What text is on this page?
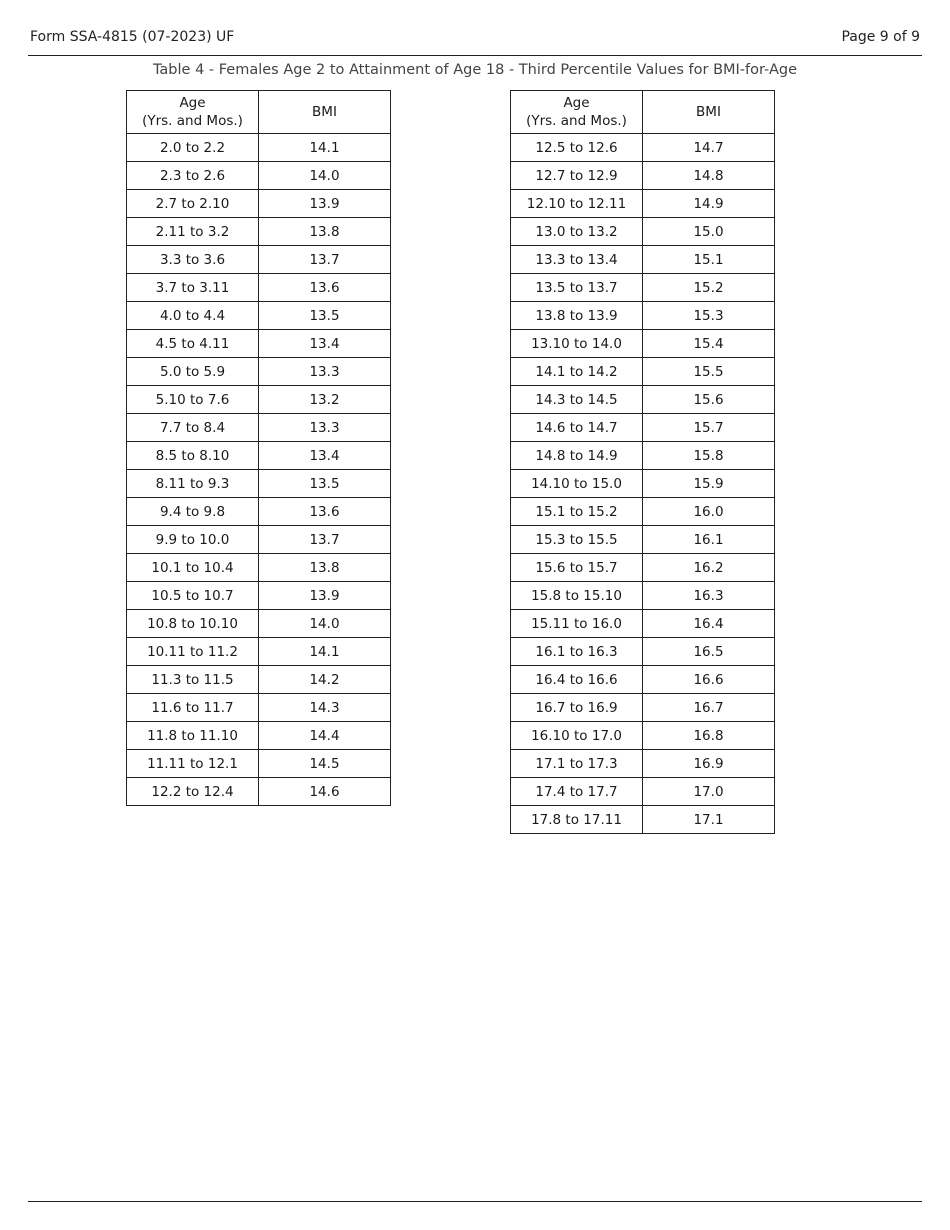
Form SSA-4815 (07-2023) UF	Page 9 of 9
Table 4 - Females Age 2 to Attainment of Age 18 - Third Percentile Values for BMI-for-Age
Age
(Yrs. and Mos.)	BMI
2.0 to 2.2	14.1
2.3 to 2.6	14.0
2.7 to 2.10	13.9
2.11 to 3.2	13.8
3.3 to 3.6	13.7
3.7 to 3.11	13.6
4.0 to 4.4	13.5
4.5 to 4.11	13.4
5.0 to 5.9	13.3
5.10 to 7.6	13.2
7.7 to 8.4	13.3
8.5 to 8.10	13.4
8.11 to 9.3	13.5
9.4 to 9.8	13.6
9.9 to 10.0	13.7
10.1 to 10.4	13.8
10.5 to 10.7	13.9
10.8 to 10.10	14.0
10.11 to 11.2	14.1
11.3 to 11.5	14.2
11.6 to 11.7	14.3
11.8 to 11.10	14.4
11.11 to 12.1	14.5
12.2 to 12.4	14.6
Age
(Yrs. and Mos.)	BMI
12.5 to 12.6	14.7
12.7 to 12.9	14.8
12.10 to 12.11	14.9
13.0 to 13.2	15.0
13.3 to 13.4	15.1
13.5 to 13.7	15.2
13.8 to 13.9	15.3
13.10 to 14.0	15.4
14.1 to 14.2	15.5
14.3 to 14.5	15.6
14.6 to 14.7	15.7
14.8 to 14.9	15.8
14.10 to 15.0	15.9
15.1 to 15.2	16.0
15.3 to 15.5	16.1
15.6 to 15.7	16.2
15.8 to 15.10	16.3
15.11 to 16.0	16.4
16.1 to 16.3	16.5
16.4 to 16.6	16.6
16.7 to 16.9	16.7
16.10 to 17.0	16.8
17.1 to 17.3	16.9
17.4 to 17.7	17.0
17.8 to 17.11	17.1
